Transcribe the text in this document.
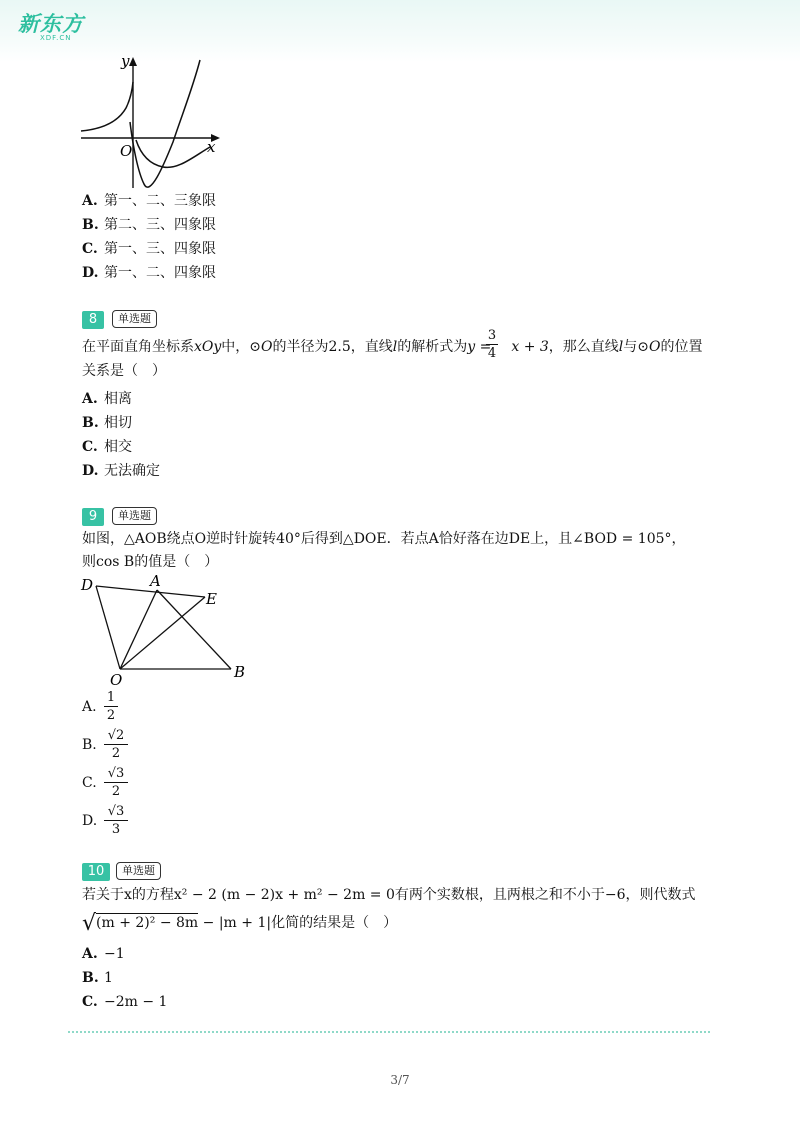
新东方
XDF.CN
O	x
y
A. 第一、二、三象限
B. 第二、三、四象限
C. 第一、三、四象限
D. 第一、二、四象限
8	单选题
在平面直角坐标系xOy中，⊙O的半径为2.5，直线l的解析式为y = x + 3，那么直线l与⊙O的位置
3
4
关系是（　）
A. 相离
B. 相切
C. 相交
D. 无法确定
9	单选题
如图，△AOB绕点O逆时针旋转40°后得到△DOE．若点A恰好落在边DE上，且∠BOD = 105°，
则cos B的值是（　）
D	A
E
O	B
A.
1
2
B.
√2
2
C.
√3
2
D.
√3
3
10	单选题
若关于x的方程x² − 2 (m − 2)x + m² − 2m = 0有两个实数根，且两根之和不小于−6，则代数式
√(m + 2)² − 8m − |m + 1|化简的结果是（　）
A. −1
B. 1
C. −2m − 1
3/7
